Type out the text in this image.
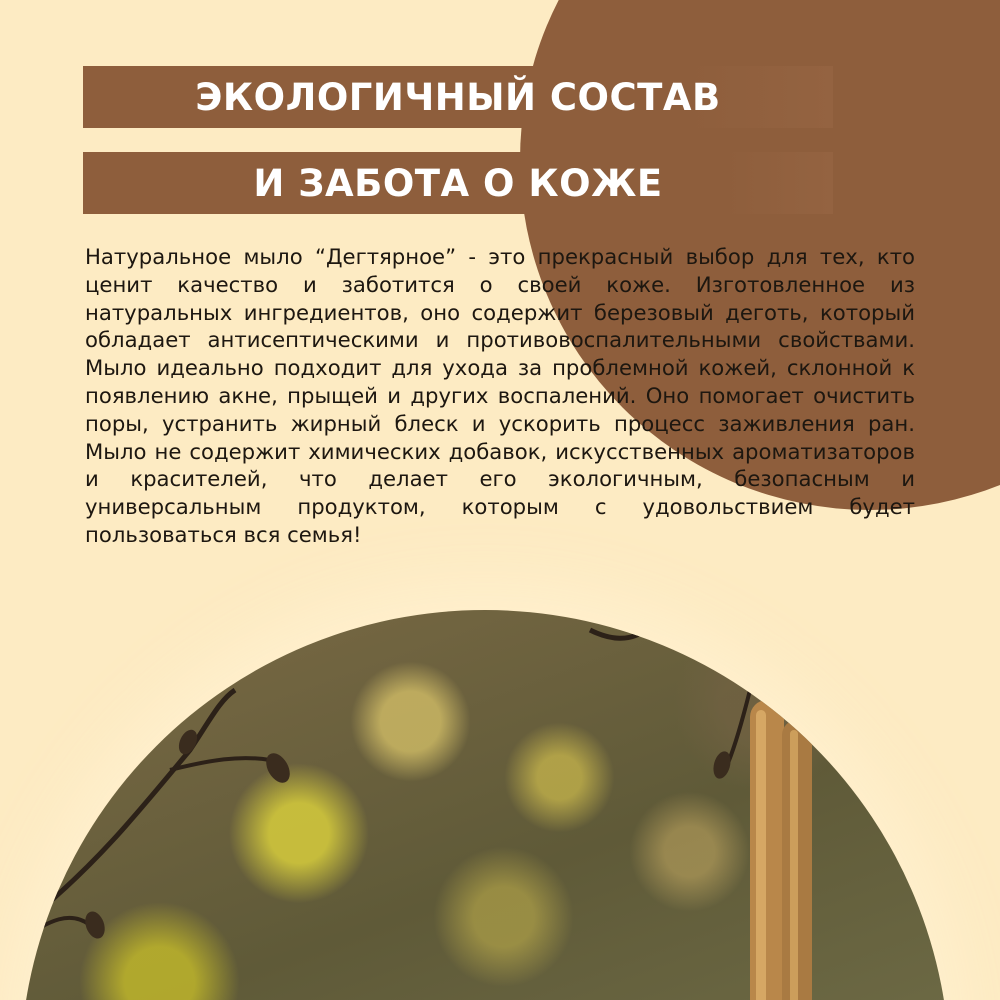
ЭКОЛОГИЧНЫЙ СОСТАВ
И ЗАБОТА О КОЖЕ

Натуральное мыло “Дегтярное” - это прекрасный выбор для тех, кто ценит качество и заботится о своей коже. Изготовленное из натуральных ингредиентов, оно содержит березовый деготь, который обладает антисептическими и противовоспалительными свойствами. Мыло идеально подходит для ухода за проблемной кожей, склонной к появлению акне, прыщей и других воспалений. Оно помогает очистить поры, устранить жирный блеск и ускорить процесс заживления ран. Мыло не содержит химических добавок, искусственных ароматизаторов и красителей, что делает его экологичным, безопасным и универсальным продуктом, которым с удовольствием будет пользоваться вся семья!
